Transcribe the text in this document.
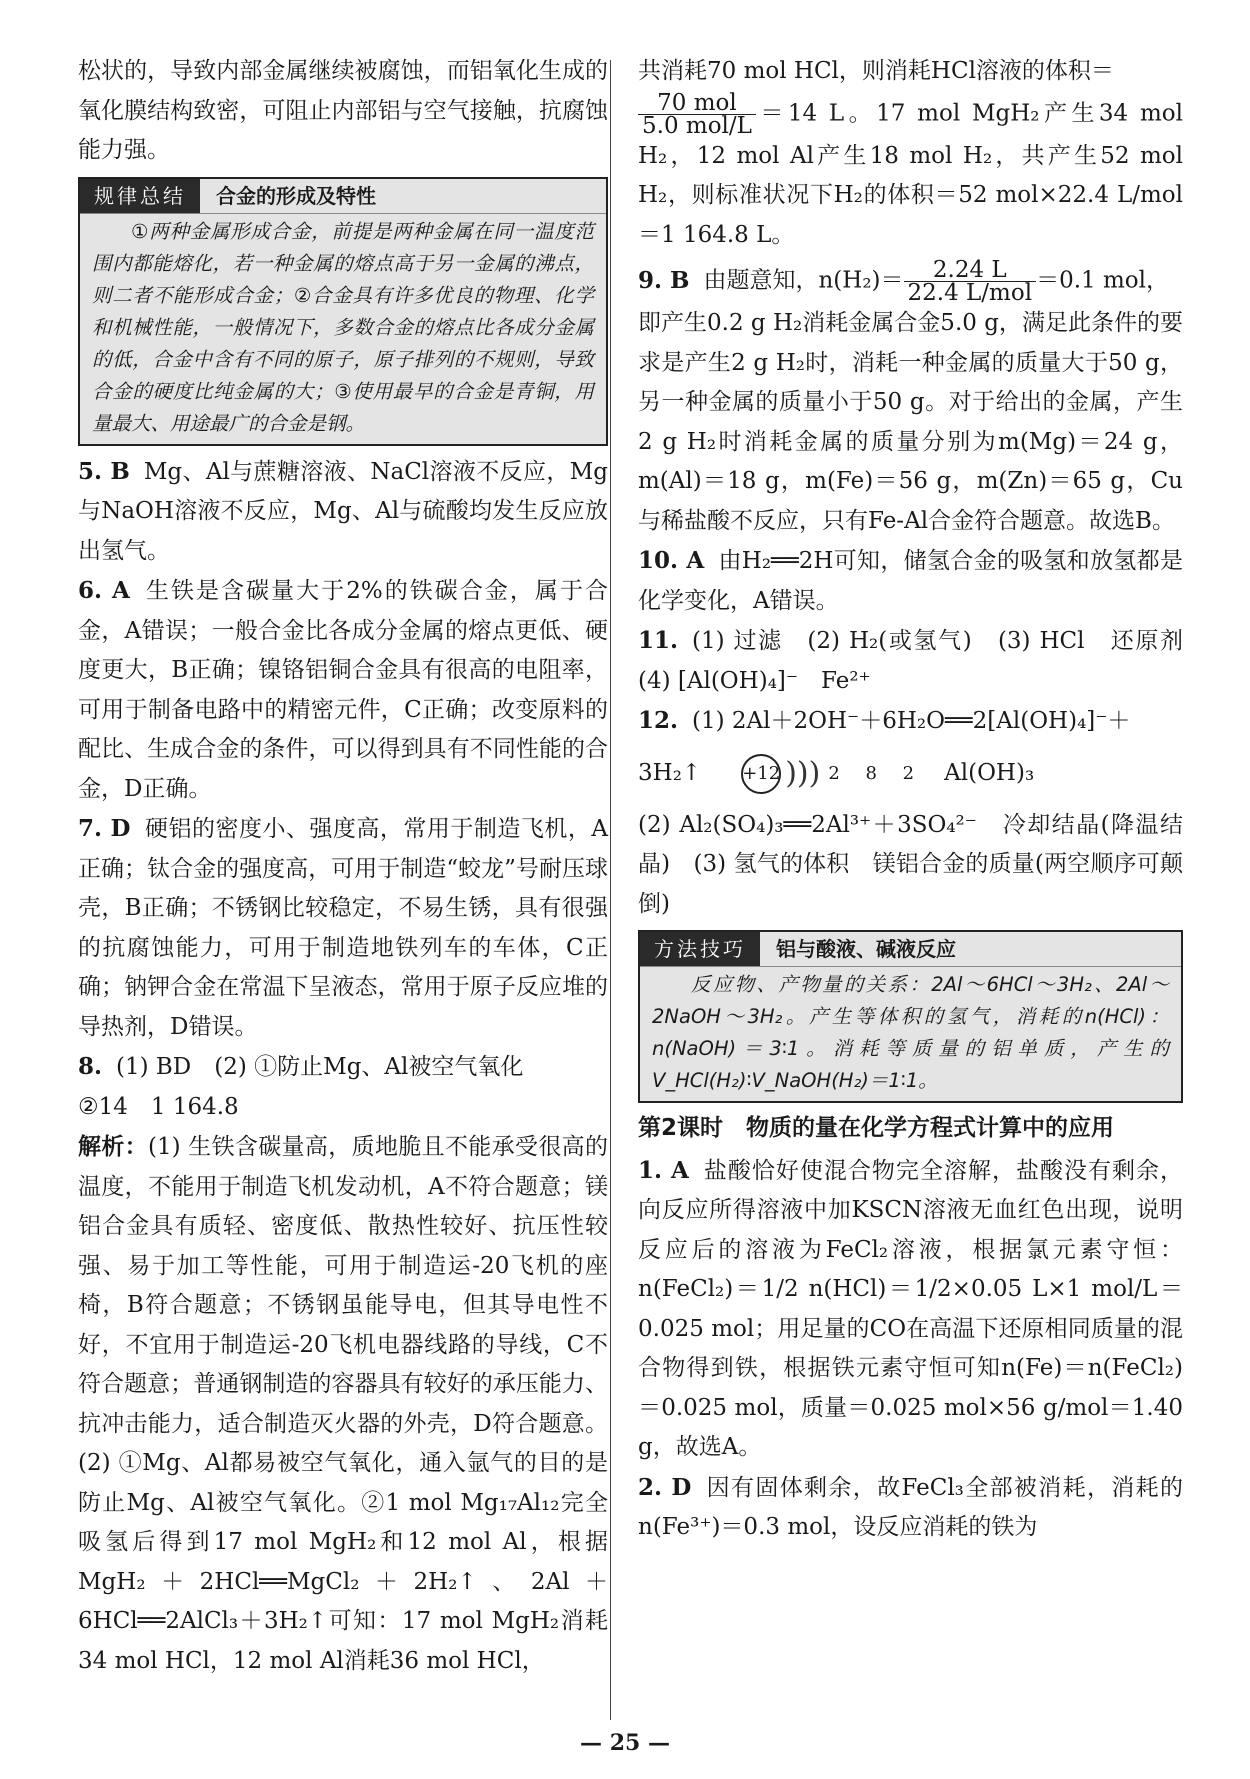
松状的，导致内部金属继续被腐蚀，而铝氧化生成的氧化膜结构致密，可阻止内部铝与空气接触，抗腐蚀能力强。

规律总结	合金的形成及特性
①两种金属形成合金，前提是两种金属在同一温度范围内都能熔化，若一种金属的熔点高于另一金属的沸点，则二者不能形成合金；②合金具有许多优良的物理、化学和机械性能，一般情况下，多数合金的熔点比各成分金属的低，合金中含有不同的原子，原子排列的不规则，导致合金的硬度比纯金属的大；③使用最早的合金是青铜，用量最大、用途最广的合金是钢。

5. B Mg、Al与蔗糖溶液、NaCl溶液不反应，Mg与NaOH溶液不反应，Mg、Al与硫酸均发生反应放出氢气。

6. A 生铁是含碳量大于2%的铁碳合金，属于合金，A错误；一般合金比各成分金属的熔点更低、硬度更大，B正确；镍铬铝铜合金具有很高的电阻率，可用于制备电路中的精密元件，C正确；改变原料的配比、生成合金的条件，可以得到具有不同性能的合金，D正确。

7. D 硬铝的密度小、强度高，常用于制造飞机，A正确；钛合金的强度高，可用于制造“蛟龙”号耐压球壳，B正确；不锈钢比较稳定，不易生锈，具有很强的抗腐蚀能力，可用于制造地铁列车的车体，C正确；钠钾合金在常温下呈液态，常用于原子反应堆的导热剂，D错误。

8. (1) BD　(2) ①防止Mg、Al被空气氧化

②14　1 164.8

解析：(1) 生铁含碳量高，质地脆且不能承受很高的温度，不能用于制造飞机发动机，A不符合题意；镁铝合金具有质轻、密度低、散热性较好、抗压性较强、易于加工等性能，可用于制造运-20飞机的座椅，B符合题意；不锈钢虽能导电，但其导电性不好，不宜用于制造运-20飞机电器线路的导线，C不符合题意；普通钢制造的容器具有较好的承压能力、抗冲击能力，适合制造灭火器的外壳，D符合题意。(2) ①Mg、Al都易被空气氧化，通入氩气的目的是防止Mg、Al被空气氧化。②1 mol Mg₁₇Al₁₂完全吸氢后得到17 mol MgH₂和12 mol Al，根据MgH₂＋2HCl══MgCl₂＋2H₂↑、2Al＋6HCl══2AlCl₃＋3H₂↑可知：17 mol MgH₂消耗34 mol HCl，12 mol Al消耗36 mol HCl，

共消耗70 mol HCl，则消耗HCl溶液的体积＝

70 mol
5.0 mol/L ＝14 L。17 mol MgH₂产生34 mol H₂，12 mol Al产生18 mol H₂，共产生52 mol H₂，则标准状况下H₂的体积＝52 mol×22.4 L/mol＝1 164.8 L。

9. B 由题意知，n(H₂)＝	2.24 L
22.4 L/mol ＝0.1 mol，

即产生0.2 g H₂消耗金属合金5.0 g，满足此条件的要求是产生2 g H₂时，消耗一种金属的质量大于50 g，另一种金属的质量小于50 g。对于给出的金属，产生2 g H₂时消耗金属的质量分别为m(Mg)＝24 g，m(Al)＝18 g，m(Fe)＝56 g，m(Zn)＝65 g，Cu与稀盐酸不反应，只有Fe-Al合金符合题意。故选B。

10. A 由H₂══2H可知，储氢合金的吸氢和放氢都是化学变化，A错误。

11. (1) 过滤　(2) H₂(或氢气)　(3) HCl　还原剂　(4) [Al(OH)₄]⁻　Fe²⁺

12. (1) 2Al＋2OH⁻＋6H₂O══2[Al(OH)₄]⁻＋

3H₂↑ +12 ))) 2 8 2 Al(OH)₃

(2) Al₂(SO₄)₃══2Al³⁺＋3SO₄²⁻　冷却结晶(降温结晶)　(3) 氢气的体积　镁铝合金的质量(两空顺序可颠倒)

方法技巧	铝与酸液、碱液反应
反应物、产物量的关系：2Al～6HCl～3H₂、2Al～2NaOH～3H₂。产生等体积的氢气，消耗的n(HCl)：n(NaOH)＝3∶1。消耗等质量的铝单质，产生的V_HCl(H₂)∶V_NaOH(H₂)＝1∶1。
第2课时　物质的量在化学方程式计算中的应用

1. A 盐酸恰好使混合物完全溶解，盐酸没有剩余，向反应所得溶液中加KSCN溶液无血红色出现，说明反应后的溶液为FeCl₂溶液，根据氯元素守恒：n(FeCl₂)＝1/2 n(HCl)＝1/2×0.05 L×1 mol/L＝0.025 mol；用足量的CO在高温下还原相同质量的混合物得到铁，根据铁元素守恒可知n(Fe)＝n(FeCl₂)＝0.025 mol，质量＝0.025 mol×56 g/mol＝1.40 g，故选A。

2. D 因有固体剩余，故FeCl₃全部被消耗，消耗的n(Fe³⁺)＝0.3 mol，设反应消耗的铁为

— 25 —
